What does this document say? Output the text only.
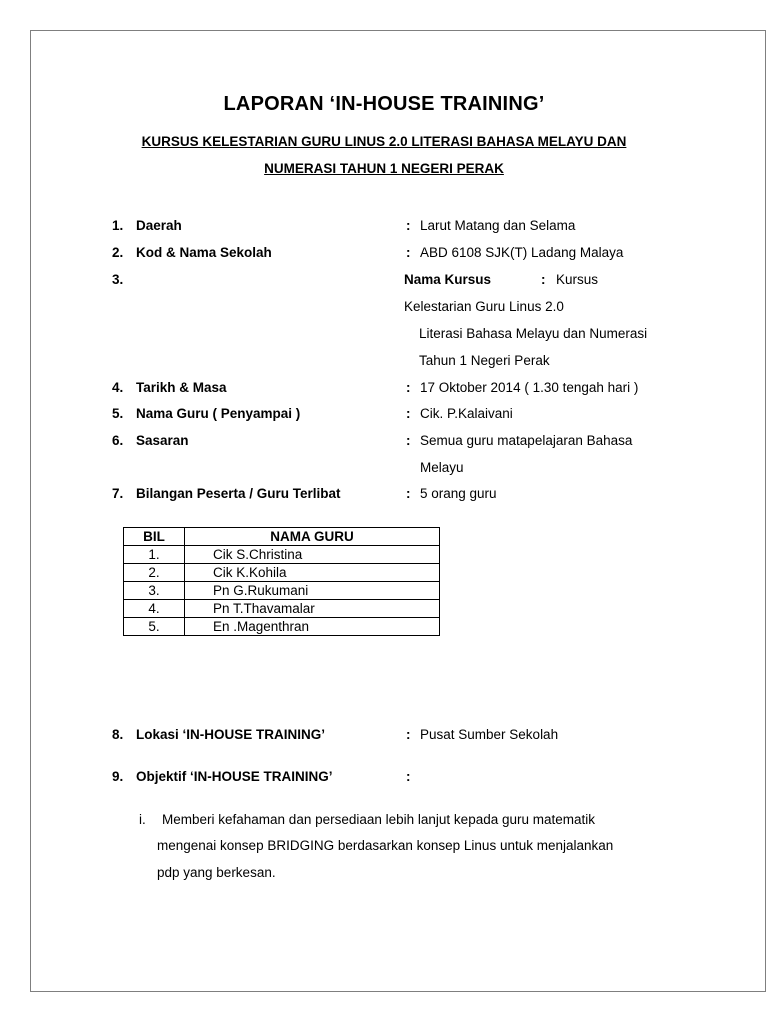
LAPORAN ‘IN-HOUSE TRAINING’
KURSUS KELESTARIAN GURU LINUS 2.0 LITERASI BAHASA MELAYU DAN
NUMERASI TAHUN 1 NEGERI PERAK
1. Daerah	: Larut Matang dan Selama
2. Kod & Nama Sekolah	: ABD 6108 SJK(T) Ladang Malaya
3.	Nama Kursus	: Kursus
Kelestarian Guru Linus 2.0
Literasi Bahasa Melayu dan Numerasi
Tahun 1 Negeri Perak
4. Tarikh & Masa	: 17 Oktober 2014 ( 1.30 tengah hari )
5. Nama Guru ( Penyampai )	: Cik. P.Kalaivani
6. Sasaran	: Semua guru matapelajaran Bahasa
Melayu
7. Bilangan Peserta / Guru Terlibat	: 5 orang guru
BIL	NAMA GURU
1.	Cik S.Christina
2.	Cik K.Kohila
3.	Pn G.Rukumani
4.	Pn T.Thavamalar
5.	En .Magenthran
8. Lokasi ‘IN-HOUSE TRAINING’	: Pusat Sumber Sekolah
9. Objektif ‘IN-HOUSE TRAINING’	:
i. Memberi kefahaman dan persediaan lebih lanjut kepada guru matematik
mengenai konsep BRIDGING berdasarkan konsep Linus untuk menjalankan
pdp yang berkesan.
